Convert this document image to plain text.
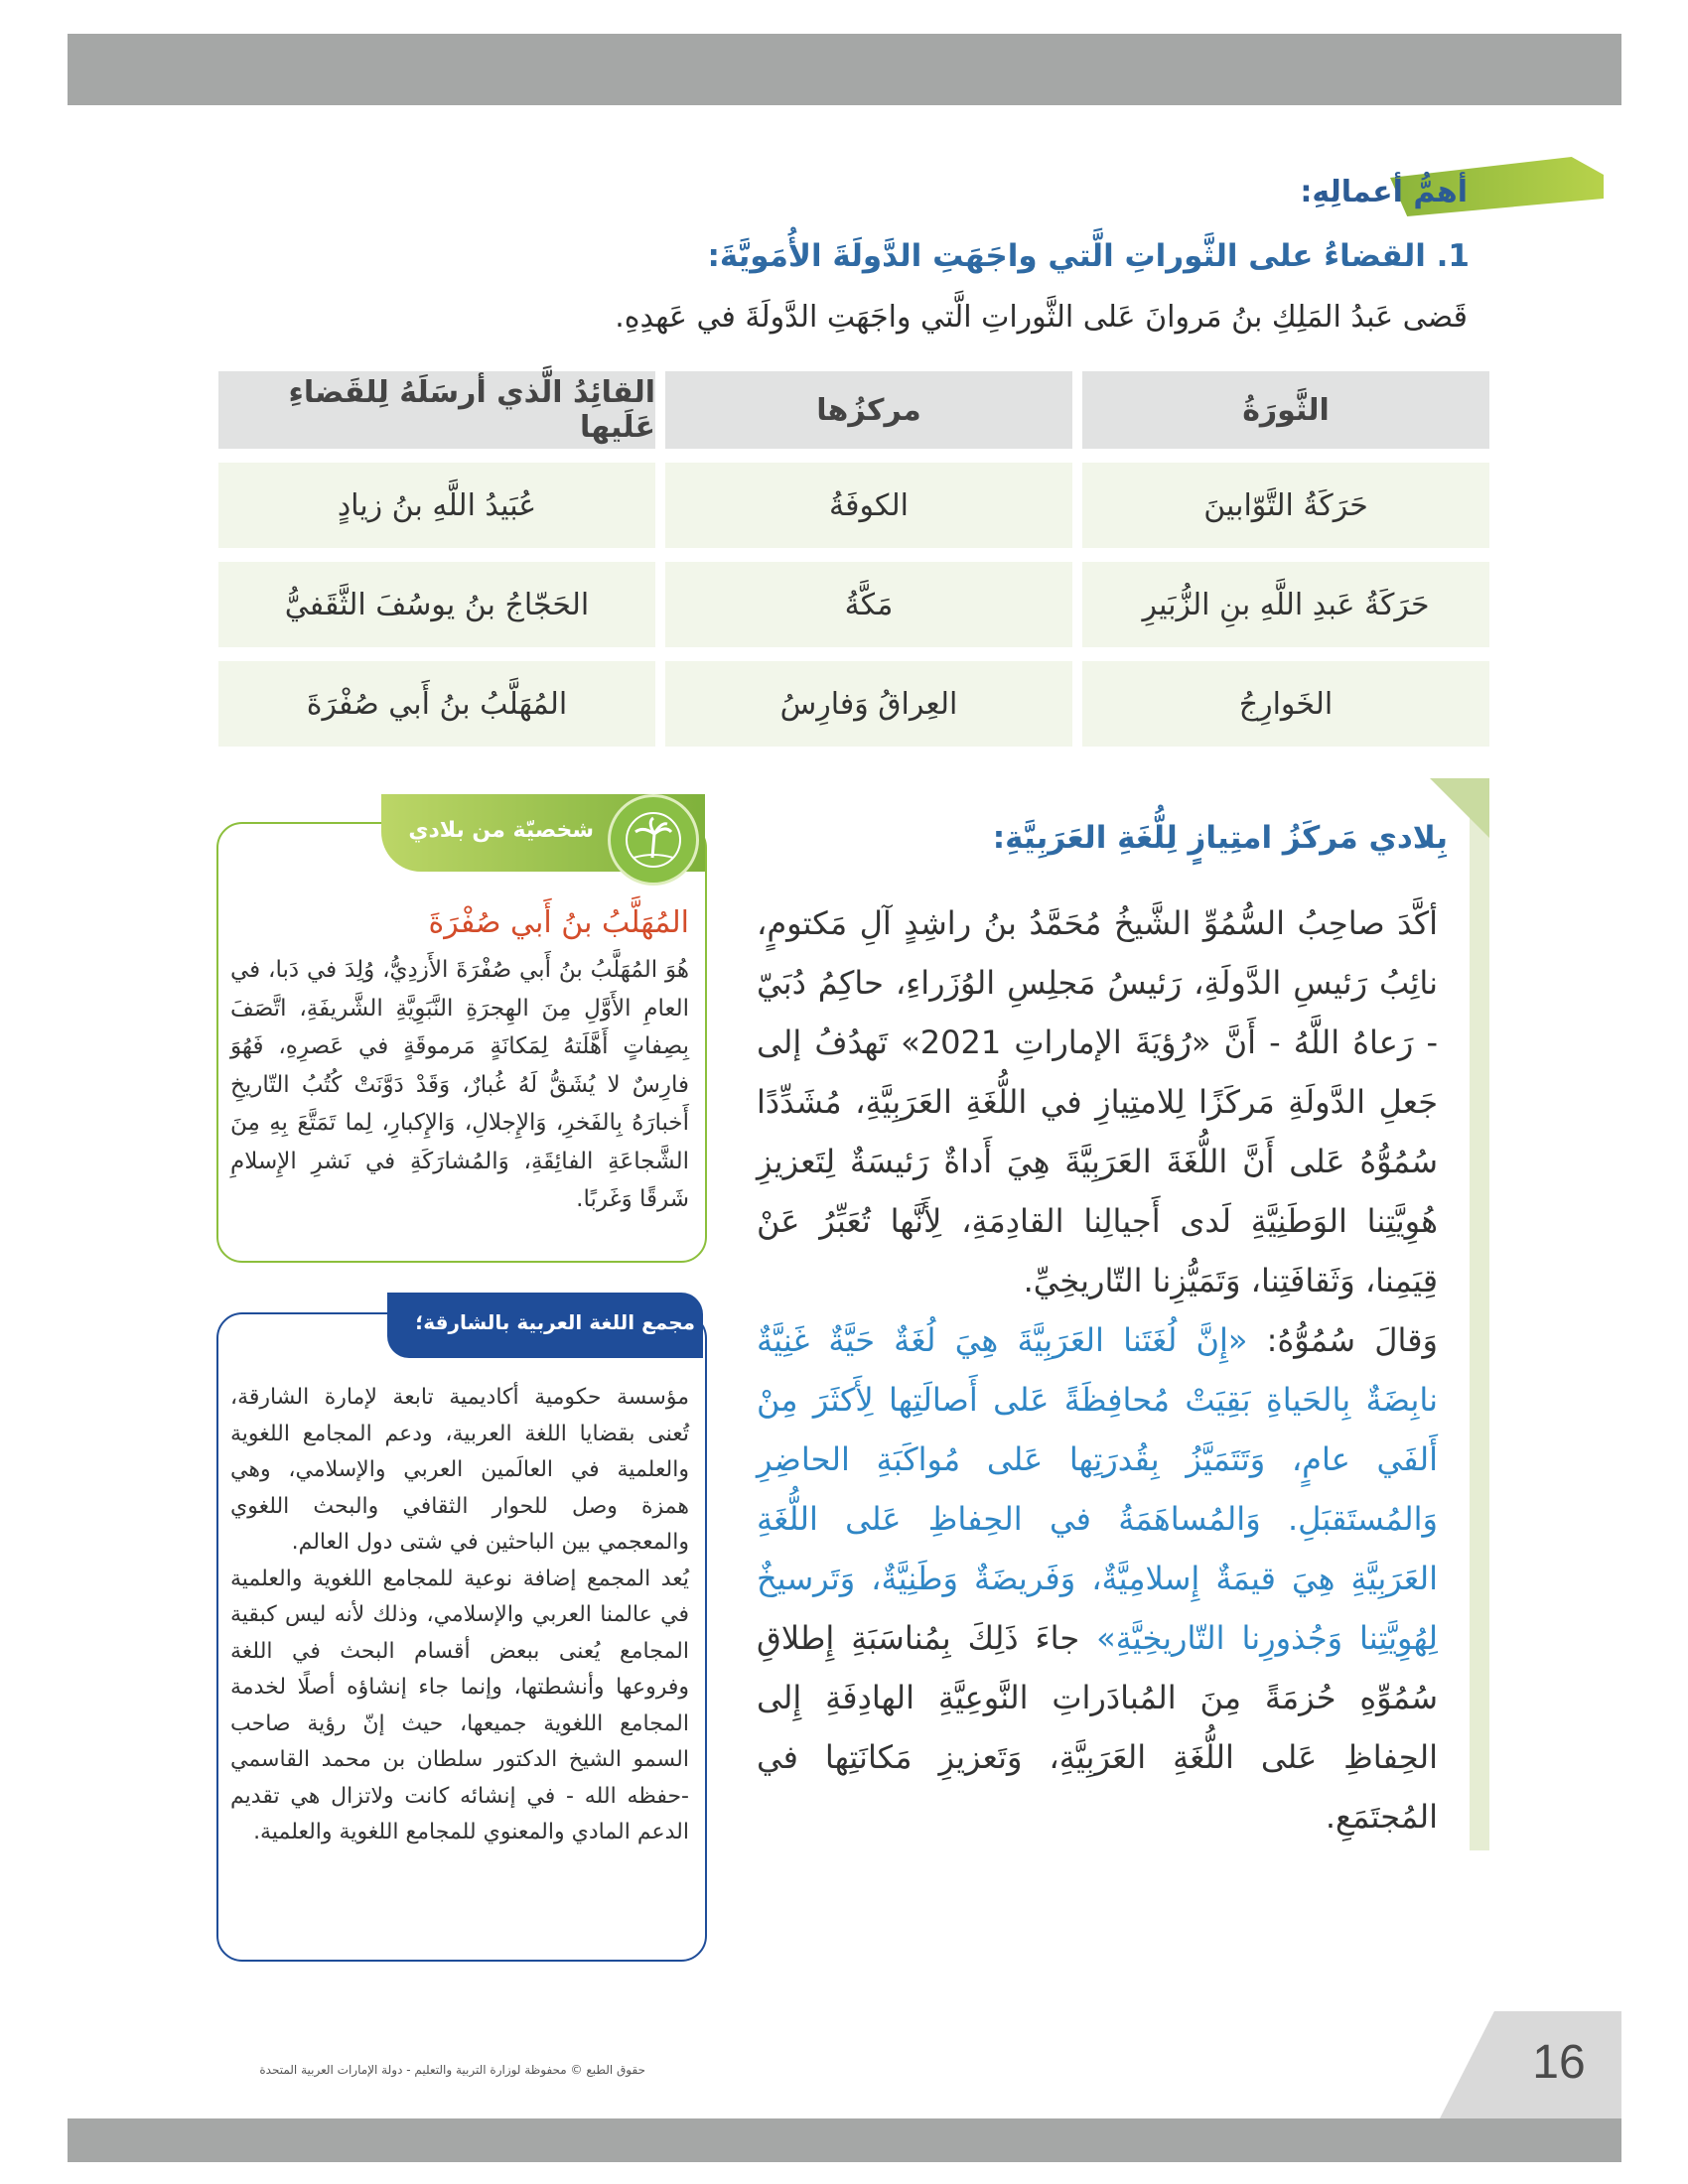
أهمُّ أعمالِهِ:
1. القضاءُ على الثَّوراتِ الَّتي واجَهَتِ الدَّولَةَ الأُمَويَّةَ:
قَضى عَبدُ المَلِكِ بنُ مَروانَ عَلى الثَّوراتِ الَّتي واجَهَتِ الدَّولَةَ في عَهدِهِ.
الثَّورَةُ
مركزُها
القائِدُ الَّذي أرسَلَهُ لِلقَضاءِ عَلَيها
حَرَكَةُ التَّوّابينَ
الكوفَةُ
عُبَيدُ اللَّهِ بنُ زيادٍ
حَرَكَةُ عَبدِ اللَّهِ بنِ الزُّبَيرِ
مَكَّةُ
الحَجّاجُ بنُ يوسُفَ الثَّقَفيُّ
الخَوارِجُ
العِراقُ وَفارِسُ
المُهَلَّبُ بنُ أَبي صُفْرَةَ
بِلادي مَركَزُ امتِيازٍ لِلُّغَةِ العَرَبِيَّةِ:

أكَّدَ صاحِبُ السُّمُوِّ الشَّيخُ مُحَمَّدُ بنُ راشِدٍ آلِ مَكتومٍ، نائِبُ رَئيسِ الدَّولَةِ، رَئيسُ مَجلِسِ الوُزَراءِ، حاكِمُ دُبَيّ - رَعاهُ اللَّهُ - أَنَّ «رُؤيَةَ الإماراتِ 2021» تَهدُفُ إلى جَعلِ الدَّولَةِ مَركَزًا لِلامتِيازِ في اللُّغَةِ العَرَبِيَّةِ، مُشَدِّدًا سُمُوُّهُ عَلى أَنَّ اللُّغَةَ العَرَبِيَّةَ هِيَ أَداةٌ رَئيسَةٌ لِتَعزيزِ هُوِيَّتِنا الوَطَنِيَّةِ لَدى أَجيالِنا القادِمَةِ، لِأَنَّها تُعَبِّرُ عَنْ قِيَمِنا، وَثَقافَتِنا، وَتَمَيُّزِنا التّاريخِيِّ.

وَقالَ سُمُوُّهُ: «إِنَّ لُغَتَنا العَرَبِيَّةَ هِيَ لُغَةٌ حَيَّةٌ غَنِيَّةٌ نابِضَةٌ بِالحَياةِ بَقِيَتْ مُحافِظَةً عَلى أَصالَتِها لِأَكثَرَ مِنْ أَلفَي عامٍ، وَتَتَمَيَّزُ بِقُدرَتِها عَلى مُواكَبَةِ الحاضِرِ وَالمُستَقبَلِ. وَالمُساهَمَةُ في الحِفاظِ عَلى اللُّغَةِ العَرَبِيَّةِ هِيَ قيمَةٌ إِسلامِيَّةٌ، وَفَريضَةٌ وَطَنِيَّةٌ، وَتَرسيخٌ لِهُوِيَّتِنا وَجُذورِنا التّاريخِيَّةِ» جاءَ ذَلِكَ بِمُناسَبَةِ إِطلاقِ سُمُوِّهِ حُزمَةً مِنَ المُبادَراتِ النَّوعِيَّةِ الهادِفَةِ إِلى الحِفاظِ عَلى اللُّغَةِ العَرَبِيَّةِ، وَتَعزيزِ مَكانَتِها في المُجتَمَعِ.

شخصيّة من بلادي
المُهَلَّبُ بنُ أَبي صُفْرَةَ
هُوَ المُهَلَّبُ بنُ أَبي صُفْرَةَ الأَزدِيُّ، وُلِدَ في دَبا، في العامِ الأَوَّلِ مِنَ الهِجرَةِ النَّبَوِيَّةِ الشَّريفَةِ، اتَّصَفَ بِصِفاتٍ أَهَّلَتهُ لِمَكانَةٍ مَرموقَةٍ في عَصرِهِ، فَهُوَ فارِسٌ لا يُشَقُّ لَهُ غُبارٌ، وَقَدْ دَوَّنَتْ كُتُبُ التّاريخِ أَخبارَهُ بِالفَخرِ، وَالإِجلالِ، وَالإِكبارِ، لِما تَمَتَّعَ بِهِ مِنَ الشَّجاعَةِ الفائِقَةِ، وَالمُشارَكَةِ في نَشرِ الإِسلامِ شَرقًا وَغَربًا.
مجمع اللغة العربية بالشارقة؛

مؤسسة حكومية أكاديمية تابعة لإمارة الشارقة، تُعنى بقضايا اللغة العربية، ودعم المجامع اللغوية والعلمية في العالَمين العربي والإسلامي، وهي همزة وصل للحوار الثقافي والبحث اللغوي والمعجمي بين الباحثين في شتى دول العالم.

يُعد المجمع إضافة نوعية للمجامع اللغوية والعلمية في عالمنا العربي والإسلامي، وذلك لأنه ليس كبقية المجامع يُعنى ببعض أقسام البحث في اللغة وفروعها وأنشطتها، وإنما جاء إنشاؤه أصلًا لخدمة المجامع اللغوية جميعها، حيث إنّ رؤية صاحب السمو الشيخ الدكتور سلطان بن محمد القاسمي -حفظه الله - في إنشائه كانت ولاتزال هي تقديم الدعم المادي والمعنوي للمجامع اللغوية والعلمية.

16
حقوق الطبع © محفوظة لوزارة التربية والتعليم - دولة الإمارات العربية المتحدة
